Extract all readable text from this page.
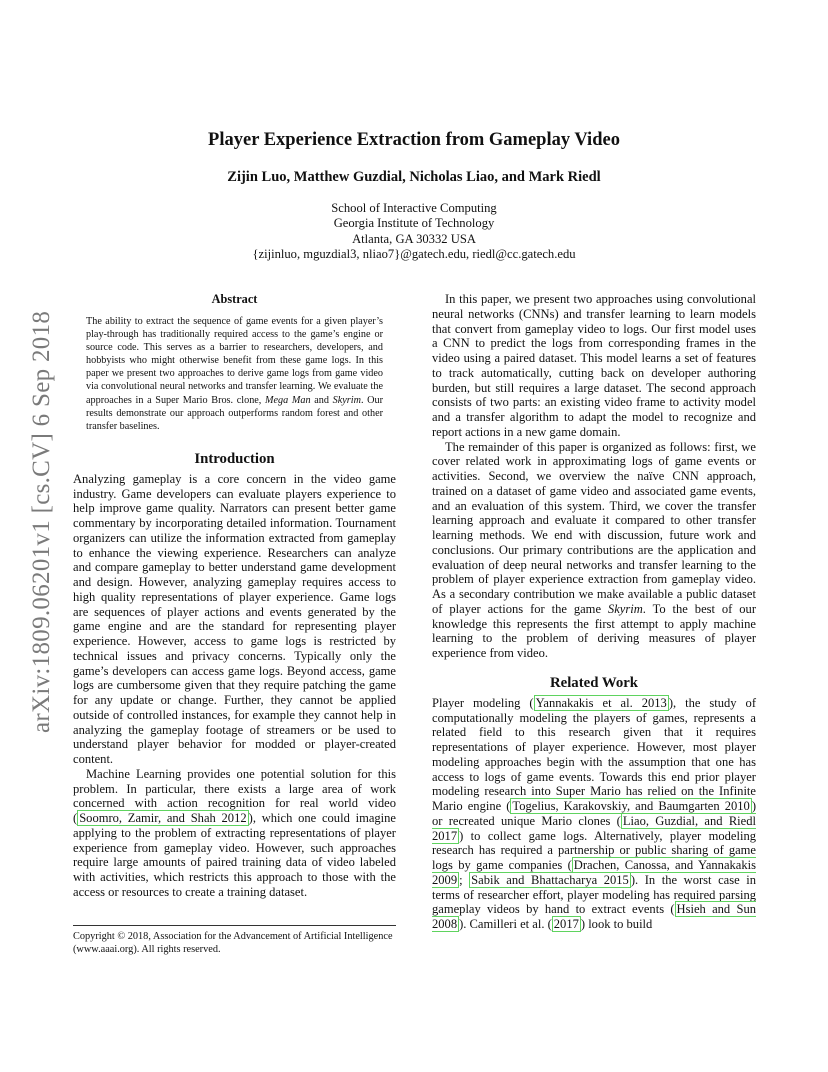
arXiv:1809.06201v1 [cs.CV] 6 Sep 2018
Player Experience Extraction from Gameplay Video
Zijin Luo, Matthew Guzdial, Nicholas Liao, and Mark Riedl
School of Interactive Computing
Georgia Institute of Technology
Atlanta, GA 30332 USA
{zijinluo, mguzdial3, nliao7}@gatech.edu, riedl@cc.gatech.edu
Abstract

The ability to extract the sequence of game events for a given player’s play-through has traditionally required access to the game’s engine or source code. This serves as a barrier to researchers, developers, and hobbyists who might otherwise benefit from these game logs. In this paper we present two approaches to derive game logs from game video via convolutional neural networks and transfer learning. We evaluate the approaches in a Super Mario Bros. clone, Mega Man and Skyrim. Our results demonstrate our approach outperforms random forest and other transfer baselines.

Introduction

Analyzing gameplay is a core concern in the video game industry. Game developers can evaluate players experience to help improve game quality. Narrators can present better game commentary by incorporating detailed information. Tournament organizers can utilize the information extracted from gameplay to enhance the viewing experience. Researchers can analyze and compare gameplay to better understand game development and design. However, analyzing gameplay requires access to high quality representations of player experience. Game logs are sequences of player actions and events generated by the game engine and are the standard for representing player experience. However, access to game logs is restricted by technical issues and privacy concerns. Typically only the game’s developers can access game logs. Beyond access, game logs are cumbersome given that they require patching the game for any update or change. Further, they cannot be applied outside of controlled instances, for example they cannot help in analyzing the gameplay footage of streamers or be used to understand player behavior for modded or player-created content.

Machine Learning provides one potential solution for this problem. In particular, there exists a large area of work concerned with action recognition for real world video ( Soomro, Zamir, and Shah 2012 ), which one could imagine applying to the problem of extracting representations of player experience from gameplay video. However, such approaches require large amounts of paired training data of video labeled with activities, which restricts this approach to those with the access or resources to create a training dataset.

Copyright © 2018, Association for the Advancement of Artificial Intelligence (www.aaai.org). All rights reserved.

In this paper, we present two approaches using convolutional neural networks (CNNs) and transfer learning to learn models that convert from gameplay video to logs. Our first model uses a CNN to predict the logs from corresponding frames in the video using a paired dataset. This model learns a set of features to track automatically, cutting back on developer authoring burden, but still requires a large dataset. The second approach consists of two parts: an existing video frame to activity model and a transfer algorithm to adapt the model to recognize and report actions in a new game domain.

The remainder of this paper is organized as follows: first, we cover related work in approximating logs of game events or activities. Second, we overview the naïve CNN approach, trained on a dataset of game video and associated game events, and an evaluation of this system. Third, we cover the transfer learning approach and evaluate it compared to other transfer learning methods. We end with discussion, future work and conclusions. Our primary contributions are the application and evaluation of deep neural networks and transfer learning to the problem of player experience extraction from gameplay video. As a secondary contribution we make available a public dataset of player actions for the game Skyrim. To the best of our knowledge this represents the first attempt to apply machine learning to the problem of deriving measures of player experience from video.

Related Work

Player modeling ( Yannakakis et al. 2013 ), the study of computationally modeling the players of games, represents a related field to this research given that it requires representations of player experience. However, most player modeling approaches begin with the assumption that one has access to logs of game events. Towards this end prior player modeling research into Super Mario has relied on the Infinite Mario engine ( Togelius, Karakovskiy, and Baumgarten 2010 ) or recreated unique Mario clones ( Liao, Guzdial, and Riedl 2017 ) to collect game logs. Alternatively, player modeling research has required a partnership or public sharing of game logs by game companies ( Drachen, Canossa, and Yannakakis 2009 ; Sabik and Bhattacharya 2015 ). In the worst case in terms of researcher effort, player modeling has required parsing gameplay videos by hand to extract events ( Hsieh and Sun 2008 ). Camilleri et al. ( 2017 ) look to build
